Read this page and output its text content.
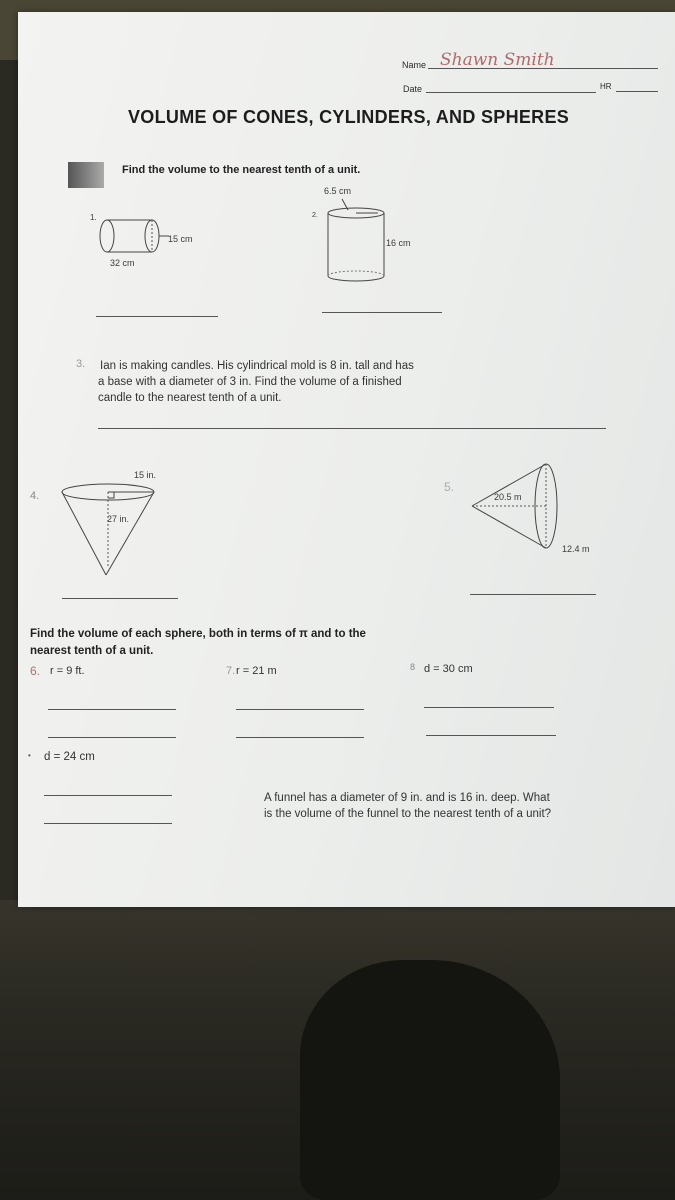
Name Shawn Smith
Date	HR
VOLUME OF CONES, CYLINDERS, AND SPHERES
Find the volume to the nearest tenth of a unit.
1.
15 cm
32 cm
2.
6.5 cm
16 cm
3. Ian is making candles. His cylindrical mold is 8 in. tall and has
a base with a diameter of 3 in. Find the volume of a finished
candle to the nearest tenth of a unit.
4.
15 in.
27 in.
5.
20.5 m
12.4 m
Find the volume of each sphere, both in terms of π and to the
nearest tenth of a unit.
6. r = 9 ft.	7. r = 21 m	8 d = 30 cm
• d = 24 cm
A funnel has a diameter of 9 in. and is 16 in. deep. What
is the volume of the funnel to the nearest tenth of a unit?
